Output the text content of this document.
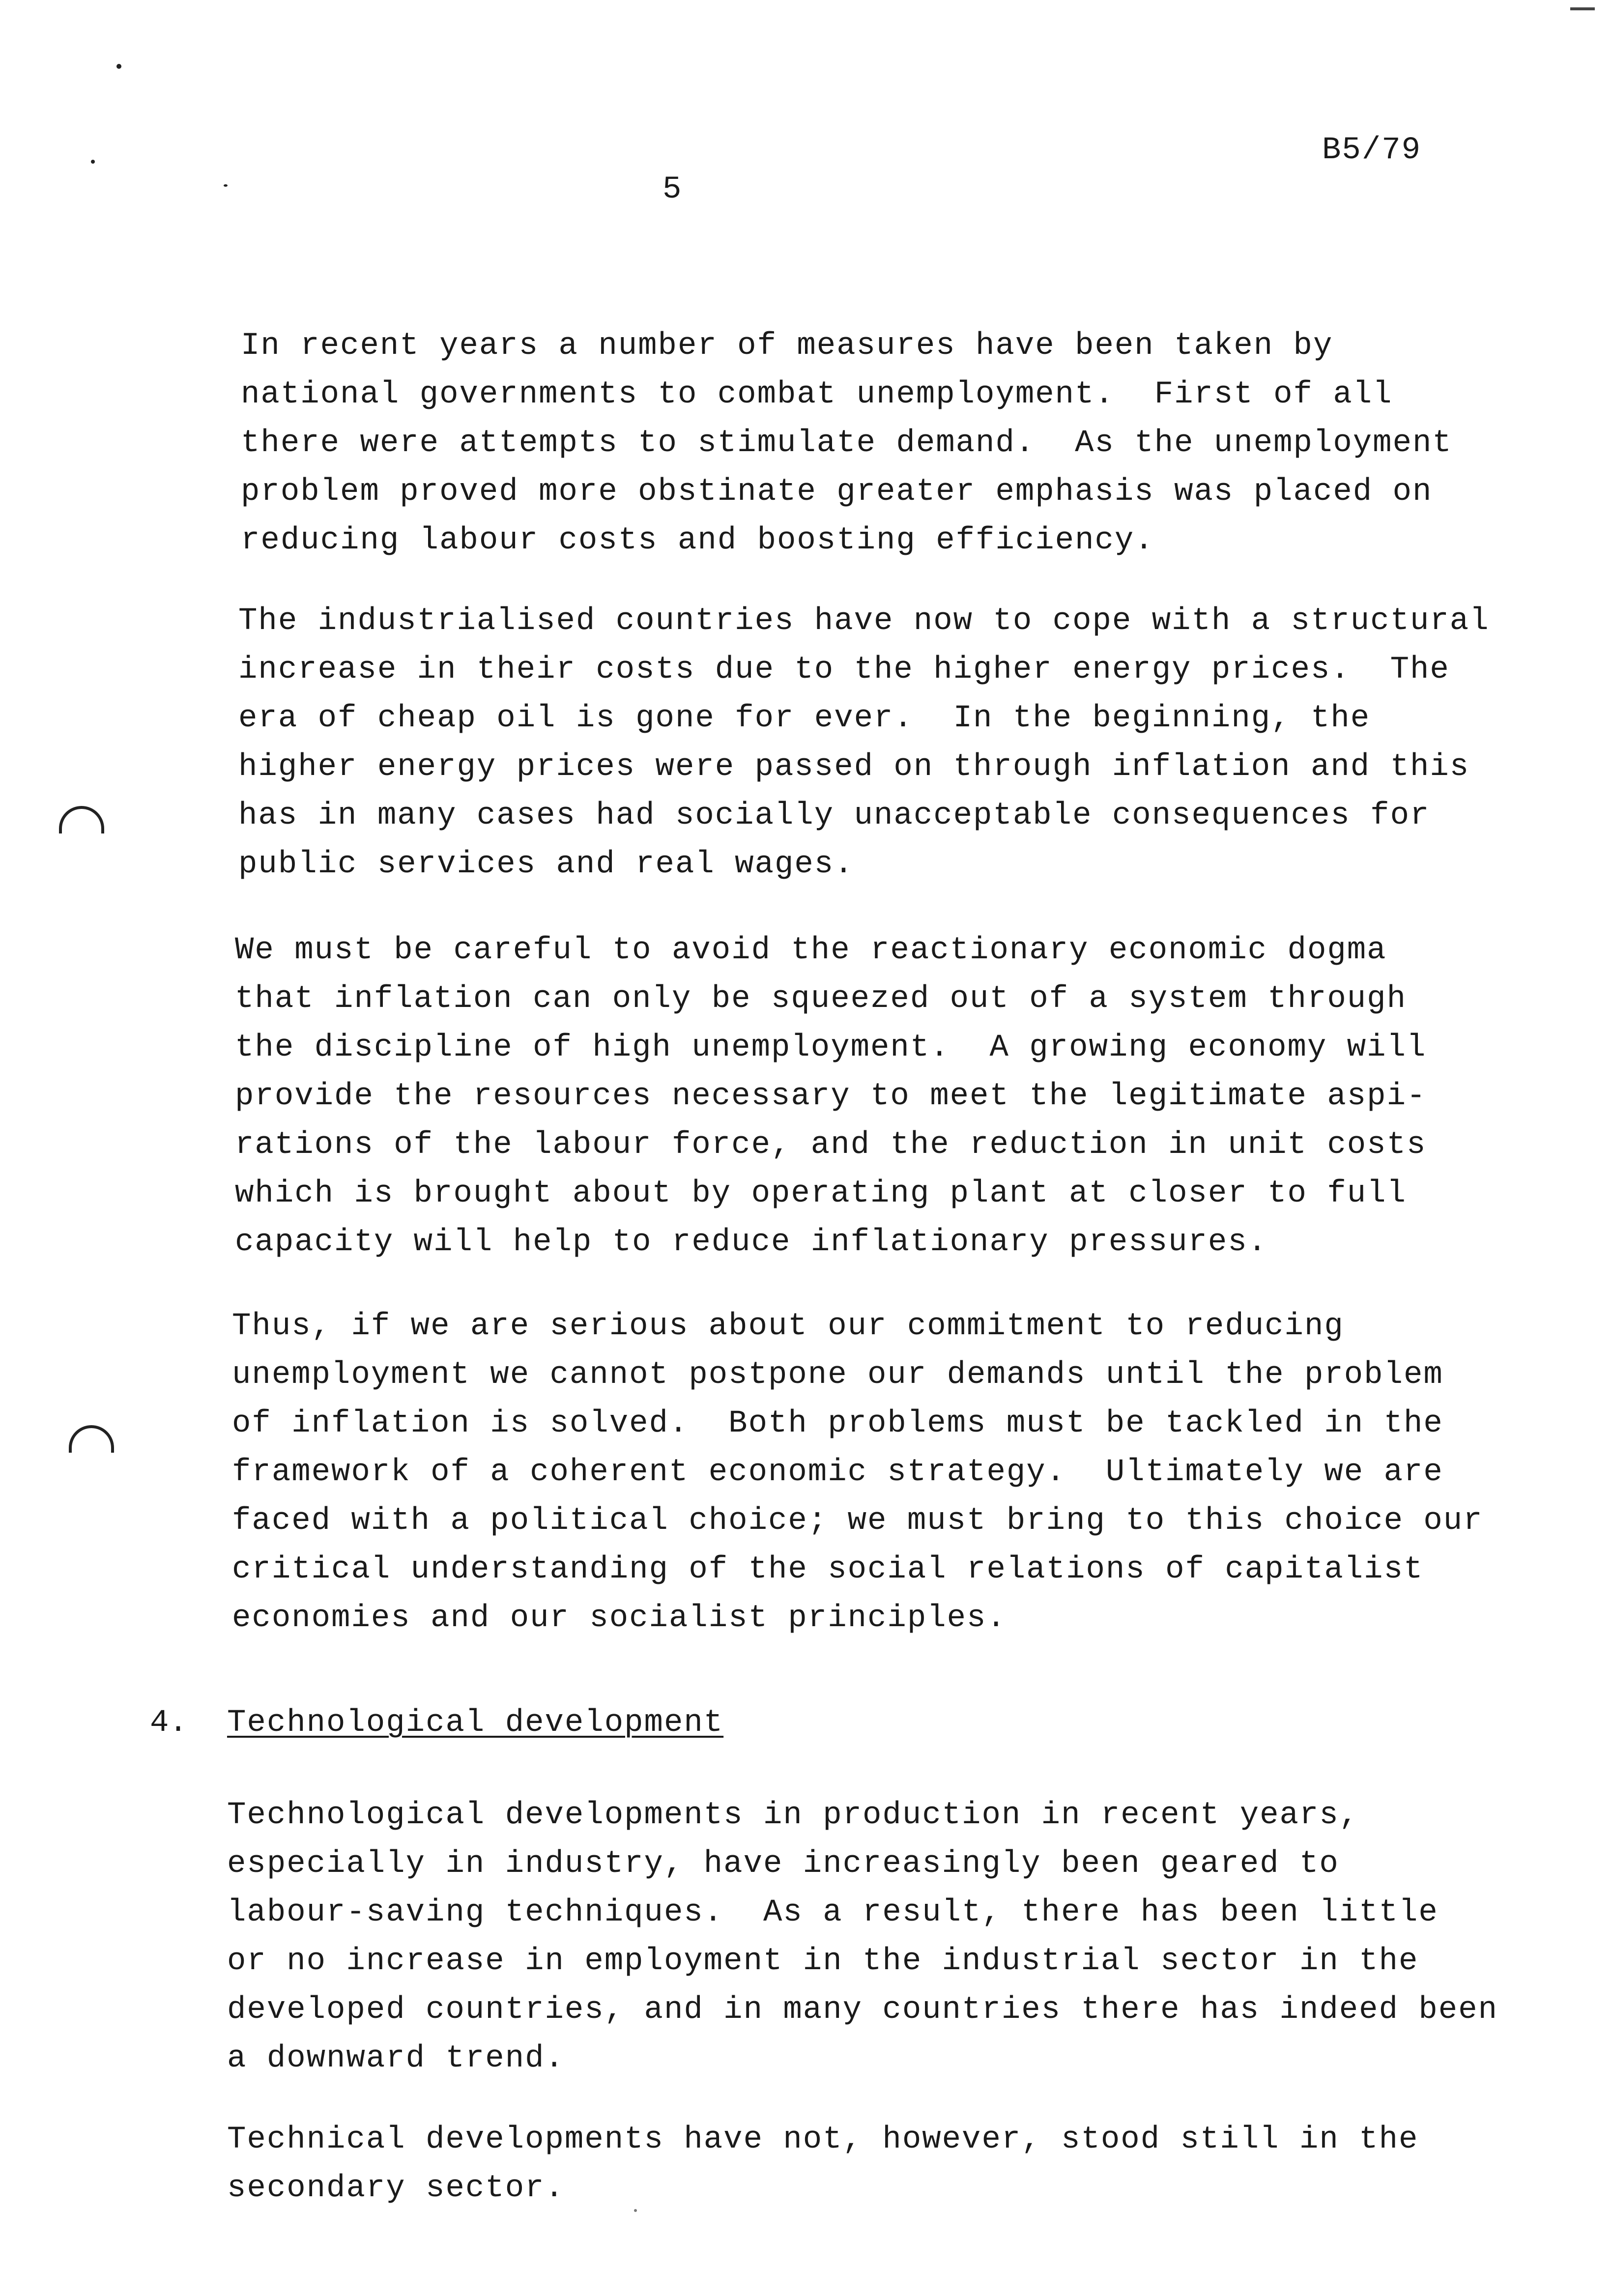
B5/79
5
In recent years a number of measures have been taken by
national governments to combat unemployment.  First of all
there were attempts to stimulate demand.  As the unemployment
problem proved more obstinate greater emphasis was placed on
reducing labour costs and boosting efficiency.
The industrialised countries have now to cope with a structural
increase in their costs due to the higher energy prices.  The
era of cheap oil is gone for ever.  In the beginning, the
higher energy prices were passed on through inflation and this
has in many cases had socially unacceptable consequences for
public services and real wages.
We must be careful to avoid the reactionary economic dogma
that inflation can only be squeezed out of a system through
the discipline of high unemployment.  A growing economy will
provide the resources necessary to meet the legitimate aspi-
rations of the labour force, and the reduction in unit costs
which is brought about by operating plant at closer to full
capacity will help to reduce inflationary pressures.
Thus, if we are serious about our commitment to reducing
unemployment we cannot postpone our demands until the problem
of inflation is solved.  Both problems must be tackled in the
framework of a coherent economic strategy.  Ultimately we are
faced with a political choice; we must bring to this choice our
critical understanding of the social relations of capitalist
economies and our socialist principles.
4. Technological development
Technological developments in production in recent years,
especially in industry, have increasingly been geared to
labour-saving techniques.  As a result, there has been little
or no increase in employment in the industrial sector in the
developed countries, and in many countries there has indeed been
a downward trend.
Technical developments have not, however, stood still in the
secondary sector.
